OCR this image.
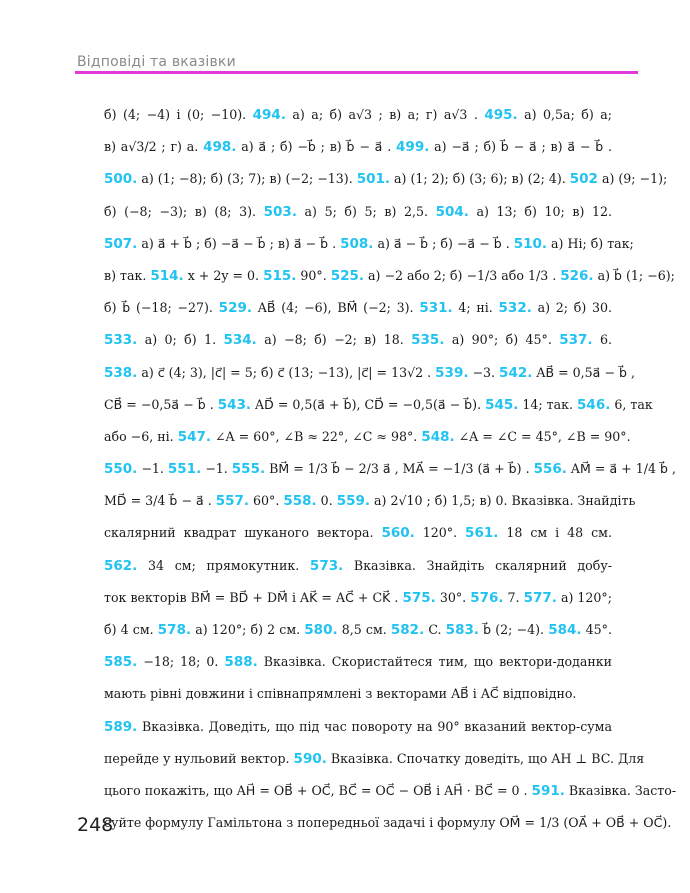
Відповіді та вказівки
б) (4; −4) і (0; −10). 494. а) a; б) a√3 ; в) a; г) a√3 . 495. а) 0,5a; б) a;
в) a√3/2 ; г) a. 498. а) a⃗ ; б) −b⃗ ; в) b⃗ − a⃗ . 499. а) −a⃗ ; б) b⃗ − a⃗ ; в) a⃗ − b⃗ .
500. а) (1; −8); б) (3; 7); в) (−2; −13). 501. а) (1; 2); б) (3; 6); в) (2; 4). 502 а) (9; −1);
б) (−8; −3); в) (8; 3). 503. а) 5; б) 5; в) 2,5. 504. а) 13; б) 10; в) 12.
507. а) a⃗ + b⃗ ; б) −a⃗ − b⃗ ; в) a⃗ − b⃗ . 508. а) a⃗ − b⃗ ; б) −a⃗ − b⃗ . 510. а) Ні; б) так;
в) так. 514. x + 2y = 0. 515. 90°. 525. а) −2 або 2; б) −1/3 або 1/3 . 526. а) b⃗ (1; −6);
б) b⃗ (−18; −27). 529. AB⃗ (4; −6), BM⃗ (−2; 3). 531. 4; ні. 532. а) 2; б) 30.
533. а) 0; б) 1. 534. а) −8; б) −2; в) 18. 535. а) 90°; б) 45°. 537. 6.
538. а) c⃗ (4; 3), |c⃗| = 5; б) c⃗ (13; −13), |c⃗| = 13√2 . 539. −3. 542. AB⃗ = 0,5a⃗ − b⃗ ,
CB⃗ = −0,5a⃗ − b⃗ . 543. AD⃗ = 0,5(a⃗ + b⃗), CD⃗ = −0,5(a⃗ − b⃗). 545. 14; так. 546. 6, так
або −6, ні. 547. ∠A = 60°, ∠B ≈ 22°, ∠C ≈ 98°. 548. ∠A = ∠C = 45°, ∠B = 90°.
550. −1. 551. −1. 555. BM⃗ = 1/3 b⃗ − 2/3 a⃗ , MA⃗ = −1/3 (a⃗ + b⃗) . 556. AM⃗ = a⃗ + 1/4 b⃗ ,
MD⃗ = 3/4 b⃗ − a⃗ . 557. 60°. 558. 0. 559. а) 2√10 ; б) 1,5; в) 0. Вказівка. Знайдіть
скалярний квадрат шуканого вектора. 560. 120°. 561. 18 см і 48 см.
562. 34 см; прямокутник. 573. Вказівка. Знайдіть скалярний добу-
ток векторів BM⃗ = BD⃗ + DM⃗ і AK⃗ = AC⃗ + CK⃗ . 575. 30°. 576. 7. 577. а) 120°;
б) 4 см. 578. а) 120°; б) 2 см. 580. 8,5 см. 582. C. 583. b⃗ (2; −4). 584. 45°.
585. −18; 18; 0. 588. Вказівка. Скористайтеся тим, що вектори-доданки
мають рівні довжини і співнапрямлені з векторами AB⃗ і AC⃗ відповідно.
589. Вказівка. Доведіть, що під час повороту на 90° вказаний вектор-сума
перейде у нульовий вектор. 590. Вказівка. Спочатку доведіть, що AH ⊥ BC. Для
цього покажіть, що AH⃗ = OB⃗ + OC⃗, BC⃗ = OC⃗ − OB⃗ і AH⃗ · BC⃗ = 0 . 591. Вказівка. Засто-
суйте формулу Гамільтона з попередньої задачі і формулу OM⃗ = 1/3 (OA⃗ + OB⃗ + OC⃗).
248
